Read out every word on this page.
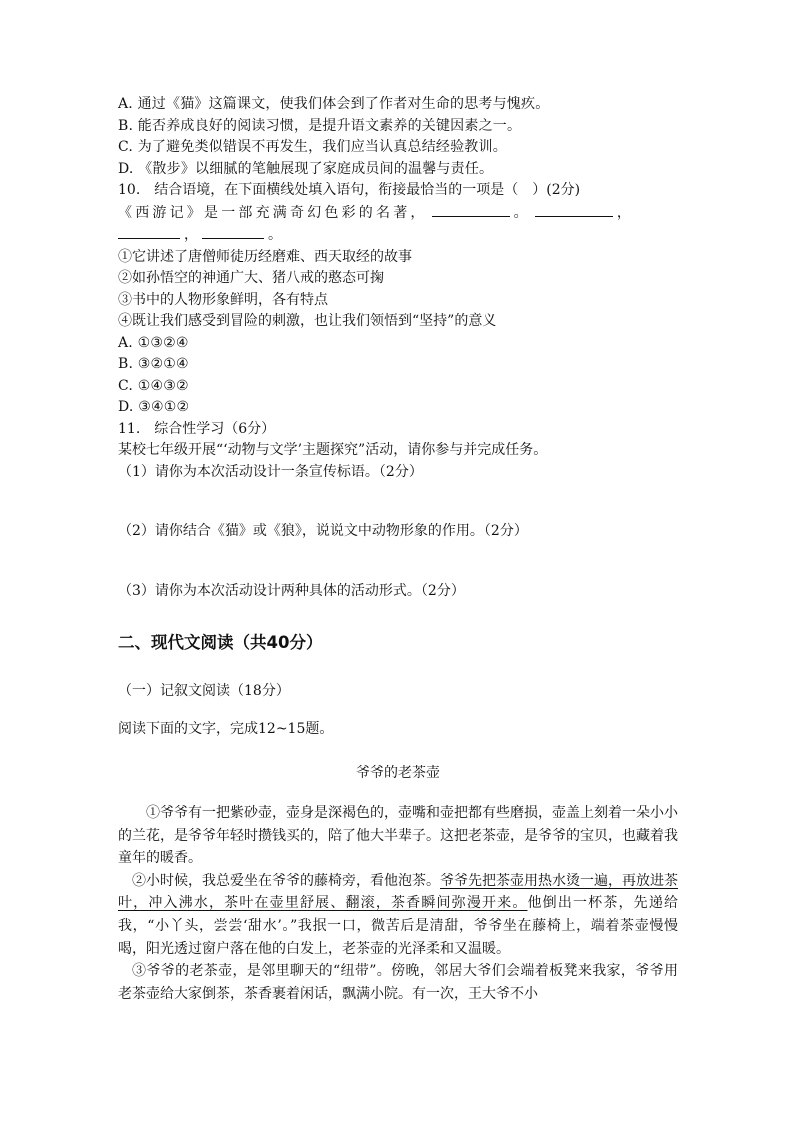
A. 通过《猫》这篇课文，使我们体会到了作者对生命的思考与愧疚。
B. 能否养成良好的阅读习惯，是提升语文素养的关键因素之一。
C. 为了避免类似错误不再发生，我们应当认真总结经验教训。
D. 《散步》以细腻的笔触展现了家庭成员间的温馨与责任。
10.　结合语境，在下面横线处填入语句，衔接最恰当的一项是（　）(2分)
《西游记》是一部充满奇幻色彩的名著，	。	，
，	。
①它讲述了唐僧师徒历经磨难、西天取经的故事
②如孙悟空的神通广大、猪八戒的憨态可掬
③书中的人物形象鲜明，各有特点
④既让我们感受到冒险的刺激，也让我们领悟到“坚持”的意义
A. ①③②④
B. ③②①④
C. ①④③②
D. ③④①②
11.　综合性学习（6分）
某校七年级开展“‘动物与文学’主题探究”活动，请你参与并完成任务。
（1）请你为本次活动设计一条宣传标语。（2分）
（2）请你结合《猫》或《狼》，说说文中动物形象的作用。（2分）
（3）请你为本次活动设计两种具体的活动形式。（2分）
二、现代文阅读（共40分）
（一）记叙文阅读（18分）
阅读下面的文字，完成12~15题。
爷爷的老茶壶
①爷爷有一把紫砂壶，壶身是深褐色的，壶嘴和壶把都有些磨损，壶盖上刻着一朵小小的兰花，是爷爷年轻时攒钱买的，陪了他大半辈子。这把老茶壶，是爷爷的宝贝，也藏着我童年的暖香。
②小时候，我总爱坐在爷爷的藤椅旁，看他泡茶。爷爷先把茶壶用热水烫一遍，再放进茶叶，冲入沸水，茶叶在壶里舒展、翻滚，茶香瞬间弥漫开来。他倒出一杯茶，先递给我，“小丫头，尝尝‘甜水’。”我抿一口，微苦后是清甜，爷爷坐在藤椅上，端着茶壶慢慢喝，阳光透过窗户落在他的白发上，老茶壶的光泽柔和又温暖。
③爷爷的老茶壶，是邻里聊天的“纽带”。傍晚，邻居大爷们会端着板凳来我家，爷爷用老茶壶给大家倒茶，茶香裹着闲话，飘满小院。有一次，王大爷不小
